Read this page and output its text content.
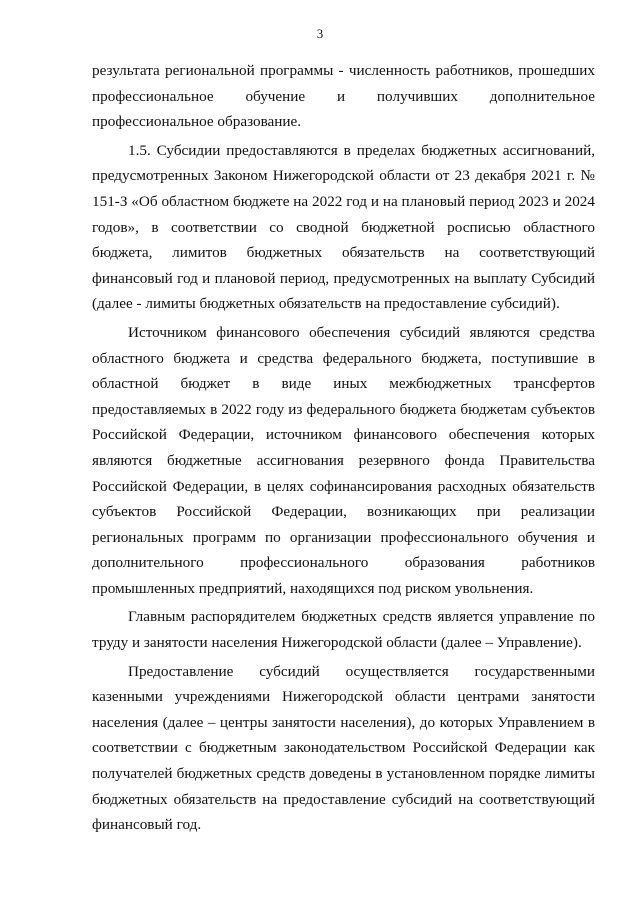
3

результата региональной программы - численность работников, прошедших профессиональное обучение и получивших дополнительное профессиональное образование.

1.5. Субсидии предоставляются в пределах бюджетных ассигнований, предусмотренных Законом Нижегородской области от 23 декабря 2021 г. № 151-З «Об областном бюджете на 2022 год и на плановый период 2023 и 2024 годов», в соответствии со сводной бюджетной росписью областного бюджета, лимитов бюджетных обязательств на соответствующий финансовый год и плановой период, предусмотренных на выплату Субсидий (далее - лимиты бюджетных обязательств на предоставление субсидий).

Источником финансового обеспечения субсидий являются средства областного бюджета и средства федерального бюджета, поступившие в областной бюджет в виде иных межбюджетных трансфертов предоставляемых в 2022 году из федерального бюджета бюджетам субъектов Российской Федерации, источником финансового обеспечения которых являются бюджетные ассигнования резервного фонда Правительства Российской Федерации, в целях софинансирования расходных обязательств субъектов Российской Федерации, возникающих при реализации региональных программ по организации профессионального обучения и дополнительного профессионального образования работников промышленных предприятий, находящихся под риском увольнения.

Главным распорядителем бюджетных средств является управление по труду и занятости населения Нижегородской области (далее – Управление).

Предоставление субсидий осуществляется государственными казенными учреждениями Нижегородской области центрами занятости населения (далее – центры занятости населения), до которых Управлением в соответствии с бюджетным законодательством Российской Федерации как получателей бюджетных средств доведены в установленном порядке лимиты бюджетных обязательств на предоставление субсидий на соответствующий финансовый год.
